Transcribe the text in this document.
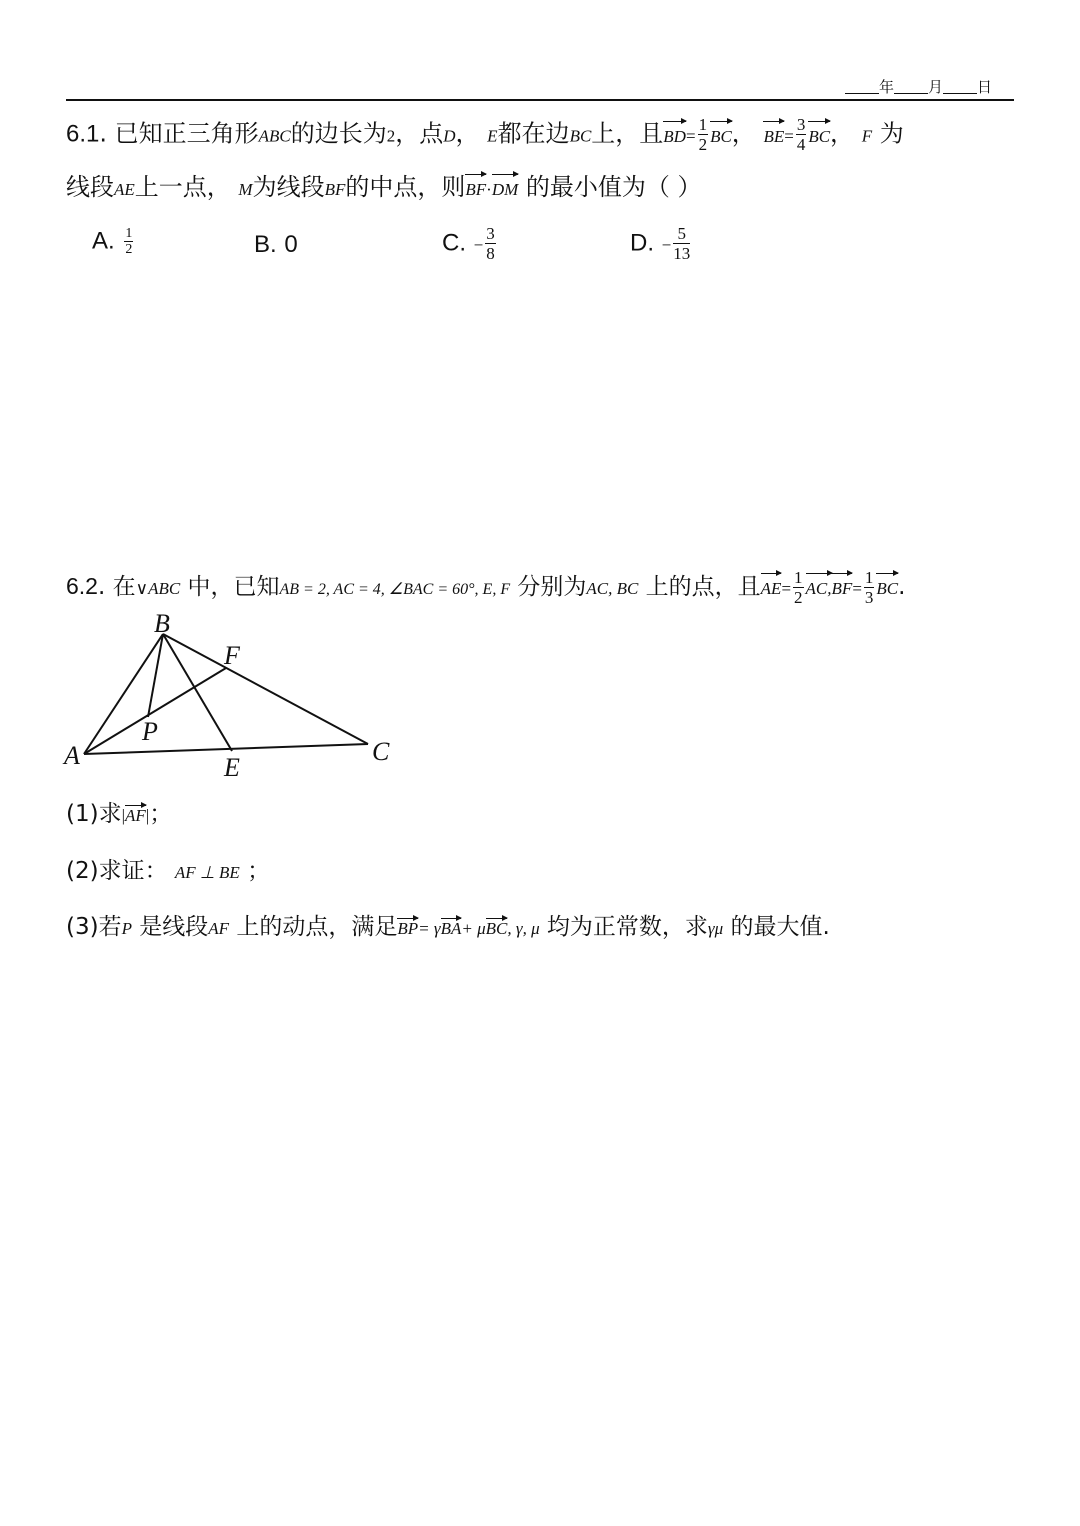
年 月 日
6.1. 已知正三角形ABC的边长为2，点D， E都在边BC上，且$BD= \frac{1}{2}$ BC， $BE= \frac{3}{4}$ BC， F 为
线段AE上一点， M为线段BF的中点，则BF·DM 的最小值为（ ）
A. $\frac{1}{2}$	B. 0	C. − $\frac{3}{8}$	D. − $\frac{5}{13}$
6.2. 在∨ABC 中，已知AB = 2, AC = 4, ∠BAC = 60°, E, F 分别为AC, BC 上的点，且$AE= \frac{1}{2} AC,BF= \frac{1}{3}$ BC.
B
F
P
A	E
C
(1)求|AF|；
(2)求证： AF ⊥ BE ；
(3)若P 是线段AF 上的动点，满足BP= γBA+ μBC, γ, μ 均为正常数，求γμ 的最大值.
